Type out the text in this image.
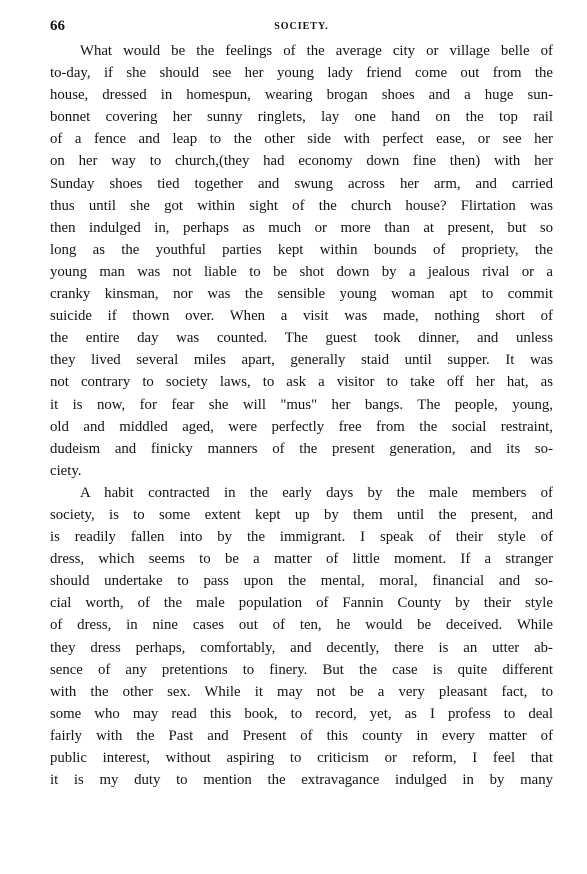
66	SOCIETY.

What would be the feelings of the average city or village belle of
to-day, if she should see her young lady friend come out from the
house, dressed in homespun, wearing brogan shoes and a huge sun-
bonnet covering her sunny ringlets, lay one hand on the top rail
of a fence and leap to the other side with perfect ease, or see her
on her way to church,(they had economy down fine then) with her
Sunday shoes tied together and swung across her arm, and carried
thus until she got within sight of the church house? Flirtation was
then indulged in, perhaps as much or more than at present, but so
long as the youthful parties kept within bounds of propriety, the
young man was not liable to be shot down by a jealous rival or a
cranky kinsman, nor was the sensible young woman apt to commit
suicide if thown over. When a visit was made, nothing short of
the entire day was counted. The guest took dinner, and unless
they lived several miles apart, generally staid until supper. It was
not contrary to society laws, to ask a visitor to take off her hat, as
it is now, for fear she will "mus" her bangs. The people, young,
old and middled aged, were perfectly free from the social restraint,
dudeism and finicky manners of the present generation, and its so-
ciety.

A habit contracted in the early days by the male members of
society, is to some extent kept up by them until the present, and
is readily fallen into by the immigrant. I speak of their style of
dress, which seems to be a matter of little moment. If a stranger
should undertake to pass upon the mental, moral, financial and so-
cial worth, of the male population of Fannin County by their style
of dress, in nine cases out of ten, he would be deceived. While
they dress perhaps, comfortably, and decently, there is an utter ab-
sence of any pretentions to finery. But the case is quite different
with the other sex. While it may not be a very pleasant fact, to
some who may read this book, to record, yet, as I profess to deal
fairly with the Past and Present of this county in every matter of
public interest, without aspiring to criticism or reform, I feel that
it is my duty to mention the extravagance indulged in by many
